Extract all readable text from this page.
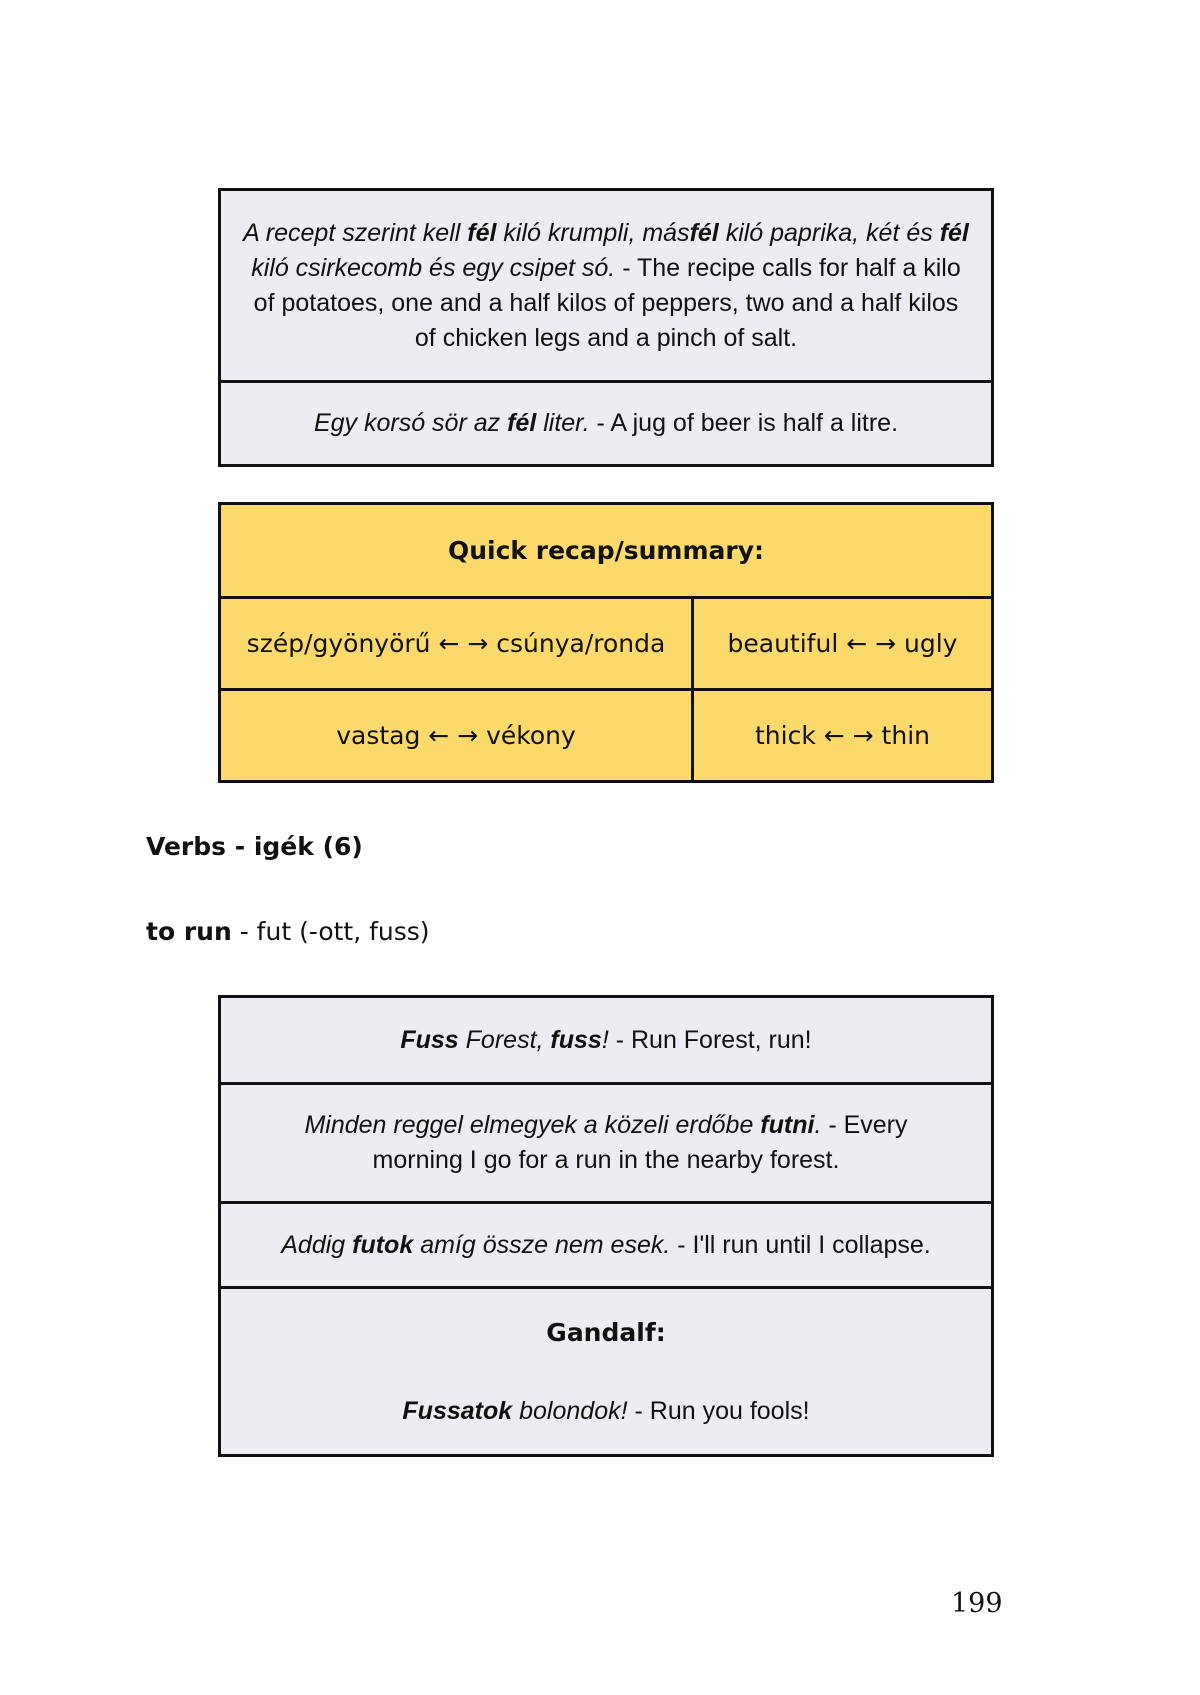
A recept szerint kell fél kiló krumpli, másfél kiló paprika, két és fél kiló csirkecomb és egy csipet só. - The recipe calls for half a kilo of potatoes, one and a half kilos of peppers, two and a half kilos of chicken legs and a pinch of salt.
Egy korsó sör az fél liter. - A jug of beer is half a litre.
Quick recap/summary:
szép/gyönyörű ← → csúnya/ronda	beautiful ← → ugly
vastag ← → vékony	thick ← → thin
Verbs - igék (6)
to run - fut (-ott, fuss)
Fuss Forest, fuss! - Run Forest, run!
Minden reggel elmegyek a közeli erdőbe futni. - Every morning I go for a run in the nearby forest.
Addig futok amíg össze nem esek. - I'll run until I collapse.
Gandalf:
Fussatok bolondok! - Run you fools!
199
